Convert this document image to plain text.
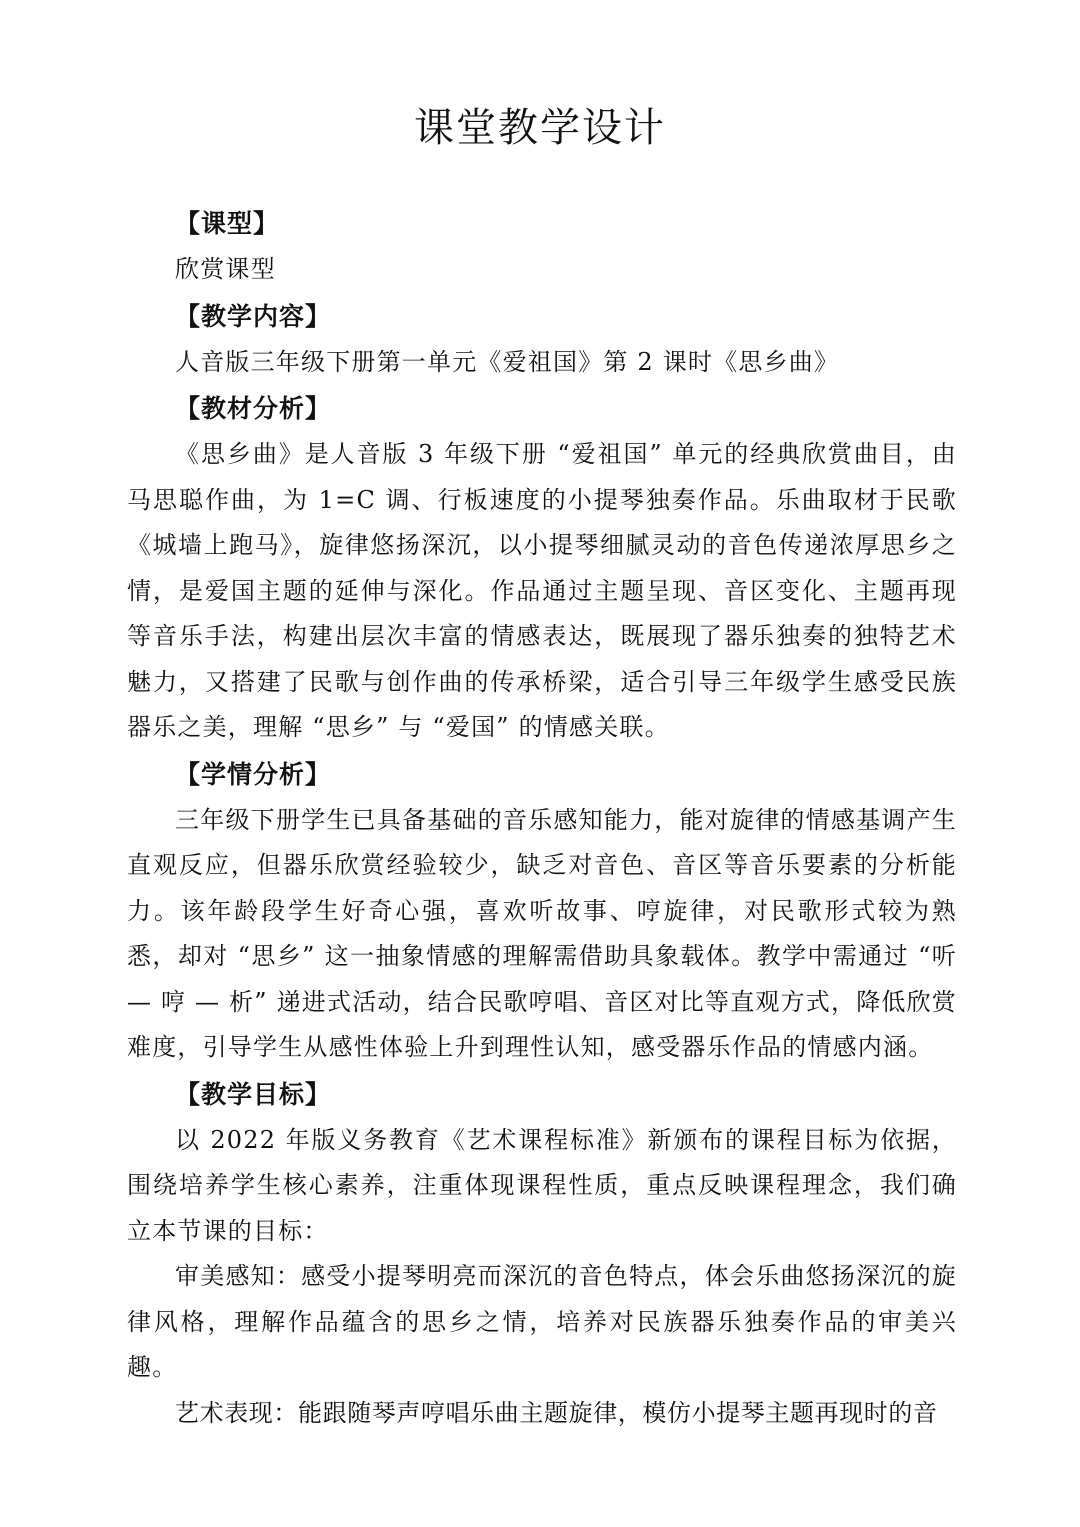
课堂教学设计

【课型】

欣赏课型

【教学内容】

人音版三年级下册第一单元《爱祖国》第 2 课时《思乡曲》

【教材分析】

《思乡曲》是人音版 3 年级下册 “爱祖国” 单元的经典欣赏曲目，由马思聪作曲，为 1=C 调、行板速度的小提琴独奏作品。乐曲取材于民歌《城墙上跑马》，旋律悠扬深沉，以小提琴细腻灵动的音色传递浓厚思乡之情，是爱国主题的延伸与深化。作品通过主题呈现、音区变化、主题再现等音乐手法，构建出层次丰富的情感表达，既展现了器乐独奏的独特艺术魅力，又搭建了民歌与创作曲的传承桥梁，适合引导三年级学生感受民族器乐之美，理解 “思乡” 与 “爱国” 的情感关联。

【学情分析】

三年级下册学生已具备基础的音乐感知能力，能对旋律的情感基调产生直观反应，但器乐欣赏经验较少，缺乏对音色、音区等音乐要素的分析能力。该年龄段学生好奇心强，喜欢听故事、哼旋律，对民歌形式较为熟悉，却对 “思乡” 这一抽象情感的理解需借助具象载体。教学中需通过 “听 — 哼 — 析” 递进式活动，结合民歌哼唱、音区对比等直观方式，降低欣赏难度，引导学生从感性体验上升到理性认知，感受器乐作品的情感内涵。

【教学目标】

以 2022 年版义务教育《艺术课程标准》新颁布的课程目标为依据，围绕培养学生核心素养，注重体现课程性质，重点反映课程理念，我们确立本节课的目标：

审美感知：感受小提琴明亮而深沉的音色特点，体会乐曲悠扬深沉的旋律风格，理解作品蕴含的思乡之情，培养对民族器乐独奏作品的审美兴趣。

艺术表现：能跟随琴声哼唱乐曲主题旋律，模仿小提琴主题再现时的音
